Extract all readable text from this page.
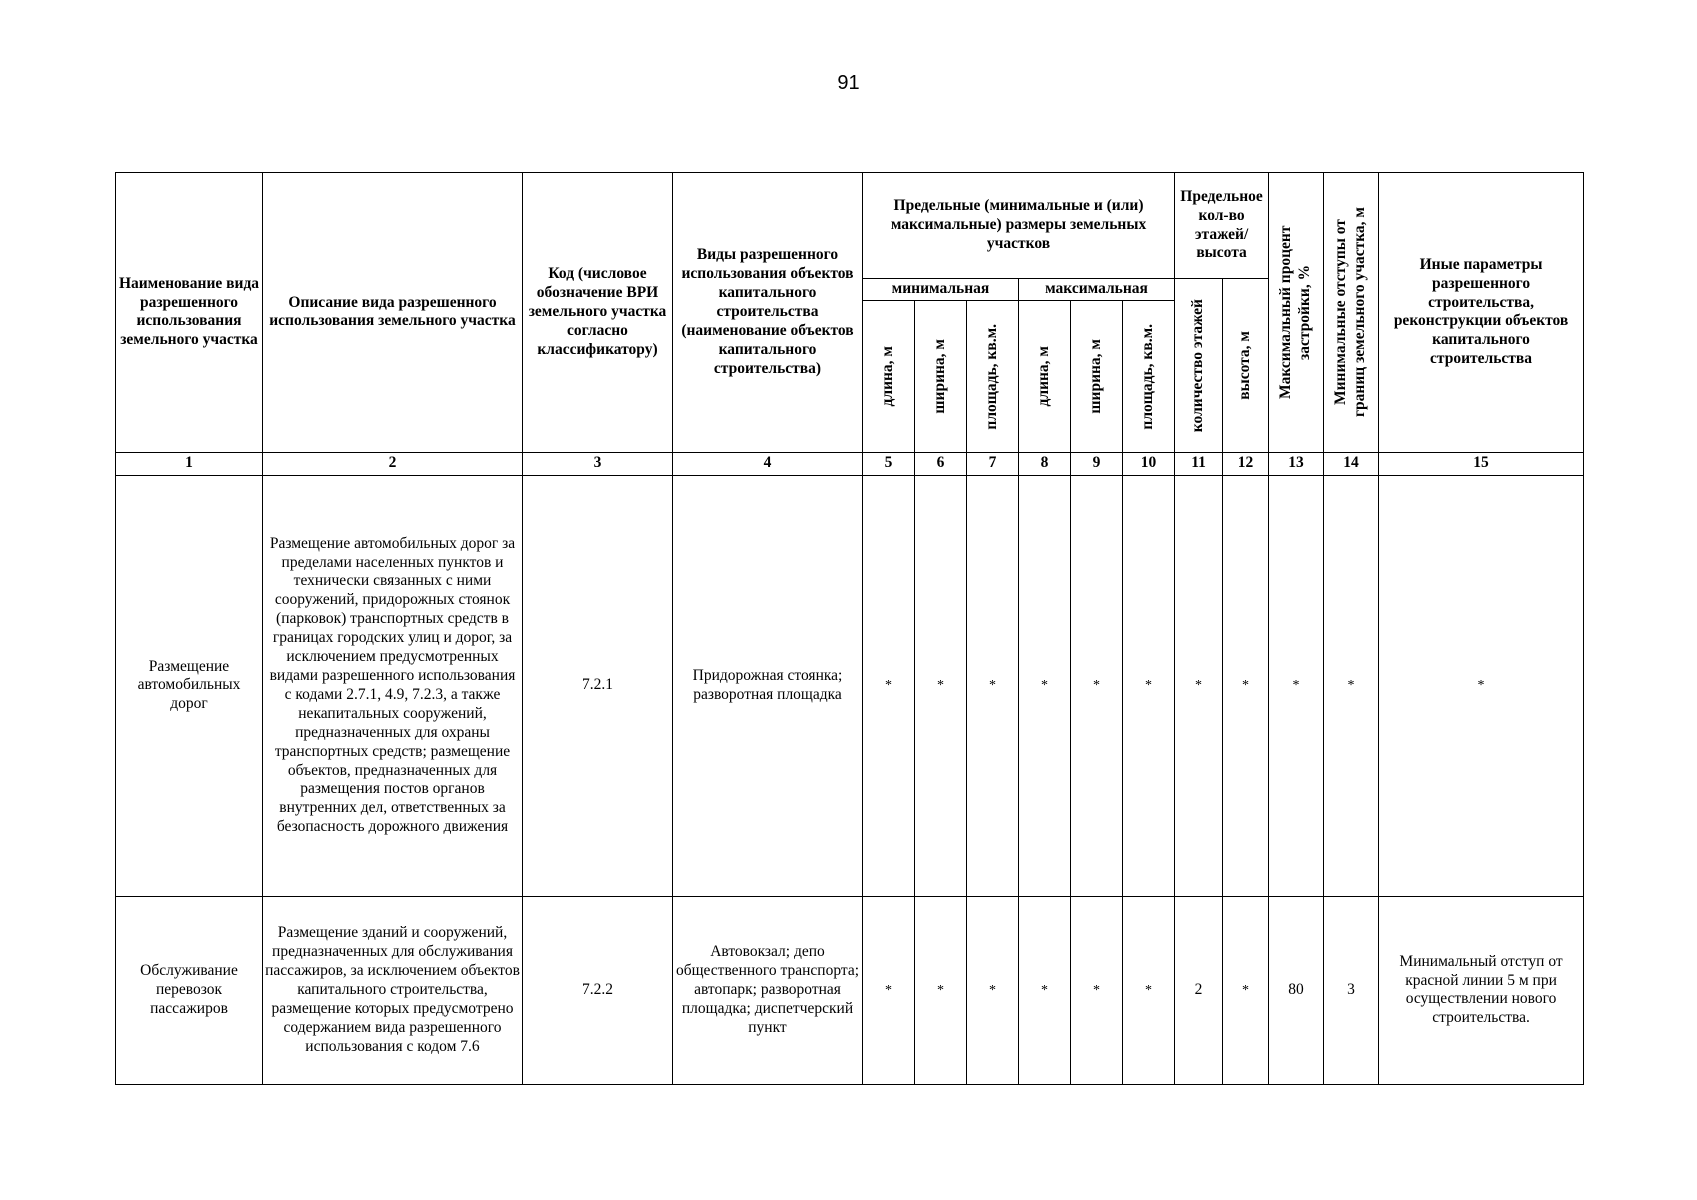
91
Наименование вида разрешенного использования земельного участка	Описание вида разрешенного использования земельного участка	Код (числовое обозначение ВРИ земельного участка согласно классификатору)	Виды разрешенного использования объектов капитального строительства (наименование объектов капитального строительства)	Предельные (минимальные и (или) максимальные) размеры земельных участков						Предельное кол-во этажей/ высота		Максимальный процент застройки, %	Минимальные отступы от границ земельного участка, м	Иные параметры разрешенного строительства, реконструкции объектов капитального строительства
				минимальная			максимальная			количество этажей	высота, м			

				длина, м	ширина, м	площадь, кв.м.	длина, м	ширина, м	площадь, кв.м.					

1	2	3	4	5	6	7	8	9	10	11	12	13	14	15
Размещение автомобильных дорог	Размещение автомобильных дорог за пределами населенных пунктов и технически связанных с ними сооружений, придорожных стоянок (парковок) транспортных средств в границах городских улиц и дорог, за исключением предусмотренных видами разрешенного использования с кодами 2.7.1, 4.9, 7.2.3, а также некапитальных сооружений, предназначенных для охраны транспортных средств; размещение объектов, предназначенных для размещения постов органов внутренних дел, ответственных за безопасность дорожного движения	7.2.1	Придорожная стоянка; разворотная площадка	*	*	*	*	*	*	*	*	*	*	*
Обслуживание перевозок пассажиров	Размещение зданий и сооружений, предназначенных для обслуживания пассажиров, за исключением объектов капитального строительства, размещение которых предусмотрено содержанием вида разрешенного использования с кодом 7.6	7.2.2	Автовокзал; депо общественного транспорта; автопарк; разворотная площадка; диспетчерский пункт	*	*	*	*	*	*	2	*	80	3	Минимальный отступ от красной линии 5 м при осуществлении нового строительства.
